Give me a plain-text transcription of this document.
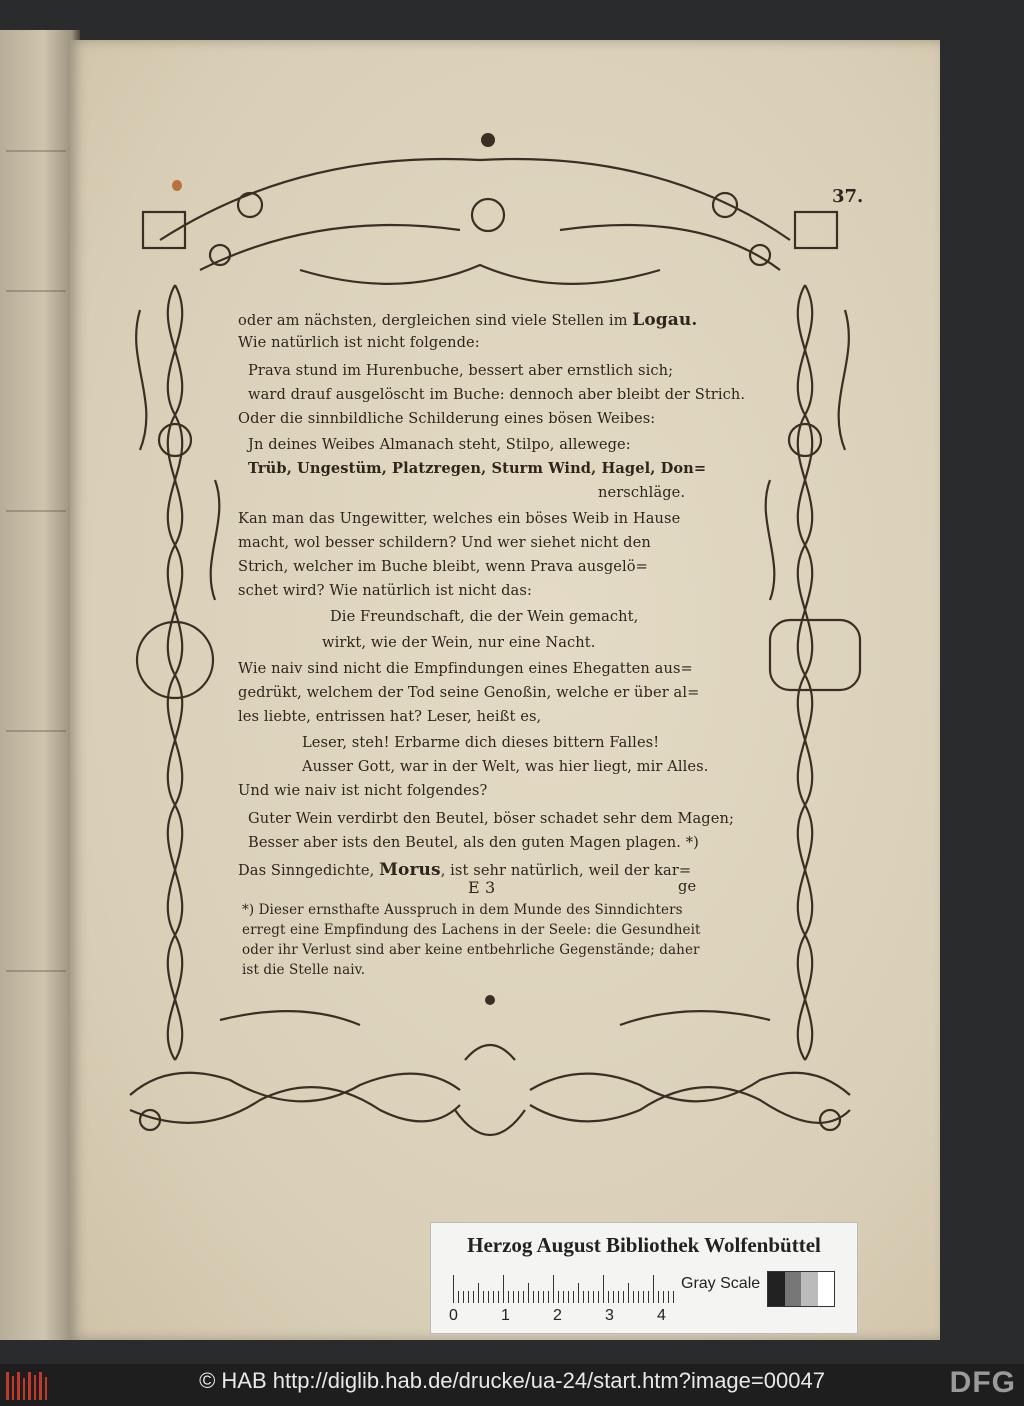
37.
oder am nächsten, dergleichen sind viele Stellen im Logau.
Wie natürlich ist nicht folgende:
Prava stund im Hurenbuche, bessert aber ernstlich sich;
ward drauf ausgelöscht im Buche: dennoch aber bleibt der Strich.
Oder die sinnbildliche Schilderung eines bösen Weibes:
Jn deines Weibes Almanach steht, Stilpo, allewege:
Trüb, Ungestüm, Platzregen, Sturm Wind, Hagel, Don=
nerschläge.
Kan man das Ungewitter, welches ein böses Weib in Hause
macht, wol besser schildern? Und wer siehet nicht den
Strich, welcher im Buche bleibt, wenn Prava ausgelö=
schet wird? Wie natürlich ist nicht das:
Die Freundschaft, die der Wein gemacht,
wirkt, wie der Wein, nur eine Nacht.
Wie naiv sind nicht die Empfindungen eines Ehegatten aus=
gedrükt, welchem der Tod seine Genoßin, welche er über al=
les liebte, entrissen hat? Leser, heißt es,
Leser, steh! Erbarme dich dieses bittern Falles!
Ausser Gott, war in der Welt, was hier liegt, mir Alles.
Und wie naiv ist nicht folgendes?
Guter Wein verdirbt den Beutel, böser schadet sehr dem Magen;
Besser aber ists den Beutel, als den guten Magen plagen. *)
Das Sinngedichte, Morus, ist sehr natürlich, weil der kar=
E 3	ge
*) Dieser ernsthafte Ausspruch in dem Munde des Sinndichters
erregt eine Empfindung des Lachens in der Seele: die Gesundheit
oder ihr Verlust sind aber keine entbehrliche Gegenstände; daher
ist die Stelle naiv.
Herzog August Bibliothek Wolfenbüttel
0	1	2	3	4
Gray Scale
© HAB http://diglib.hab.de/drucke/ua-24/start.htm?image=00047	DFG
